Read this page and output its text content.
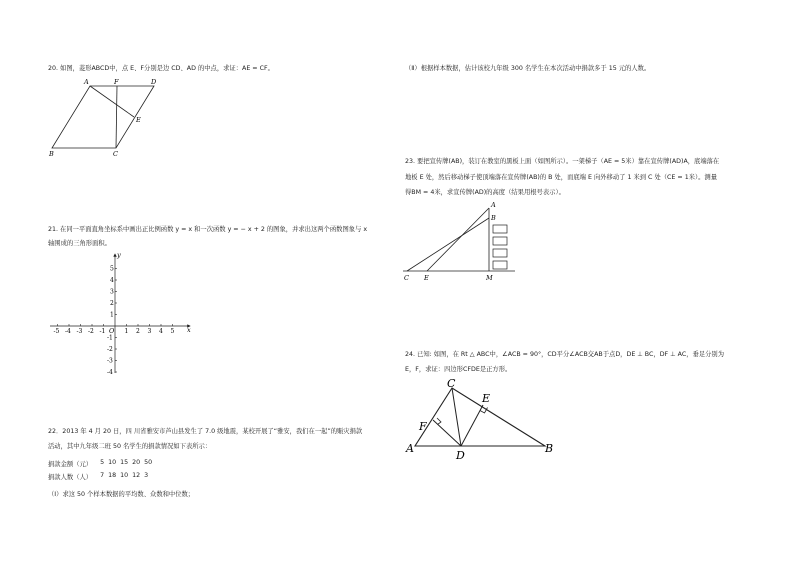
20. 如图，菱形ABCD中，点 E、F分别是边 CD、AD 的中点，求证：AE = CF。
A	F	D
E
B	C
21. 在同一平面直角坐标系中画出正比例函数 y = x 和一次函数 y = − x + 2 的图象，并求出这两个函数图象与 x
轴围成的三角形面积。
-5 -4 -3 -2 -1	1 2 3 4 5
5
4
3
2
1
-1
-2
-3
-4
x
y
O
22．2013 年 4 月 20 日，四 川省雅安市芦山县发生了 7.0 级地震，某校开展了“雅安，我们在一起”的赈灾捐款
活动，其中九年级二班 50 名学生的捐款情况如下表所示：
捐款金额（元）	5	10	15	20	50
捐款人数（人）	7	18	10	12	3
（Ⅰ）求这 50 个样本数据的平均数、众数和中位数；
（Ⅱ）根据样本数据，估计该校九年级 300 名学生在本次活动中捐款多于 15 元的人数。
23. 要把宣传牌(AB)，装订在教室的黑板上面（如图所示）。一架梯子（AE = 5米）靠在宣传牌(AD)A，底端落在
地板 E 处，然后移动梯子使顶端落在宣传牌(AB)的 B 处，而底端 E 向外移动了 1 米到 C 处（CE = 1米）。测量
得BM = 4米，求宣传牌(AD)的高度（结果用根号表示）。
A
B
C E	M
24. 已知: 如图，在 Rt △ ABC中，∠ACB = 90°，CD平分∠ACB交AB于点D，DE ⊥ BC，DF ⊥ AC，垂足分别为
E，F，求证：四边形CFDE是正方形。
C
E
F
A
D
B
